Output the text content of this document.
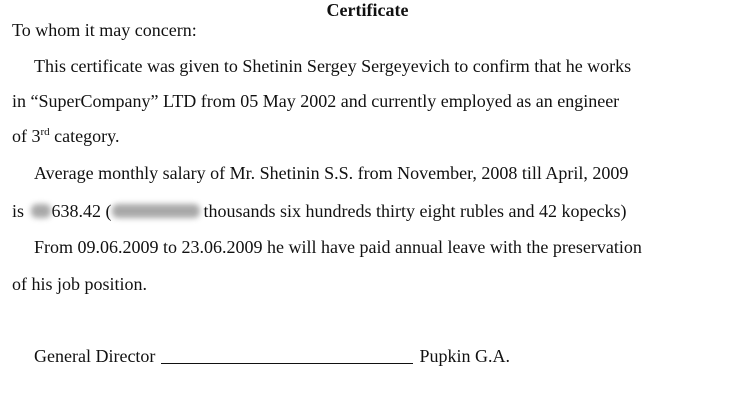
Certificate
To whom it may concern:
This certificate was given to Shetinin Sergey Sergeyevich to confirm that he works
in “SuperCompany” LTD from 05 May 2002 and currently employed as an engineer
of 3rd category.
Average monthly salary of Mr. Shetinin S.S. from November, 2008 till April, 2009
is 638.42 (	thousands six hundreds thirty eight rubles and 42 kopecks)
From 09.06.2009 to 23.06.2009 he will have paid annual leave with the preservation
of his job position.
General Director	Pupkin G.A.
